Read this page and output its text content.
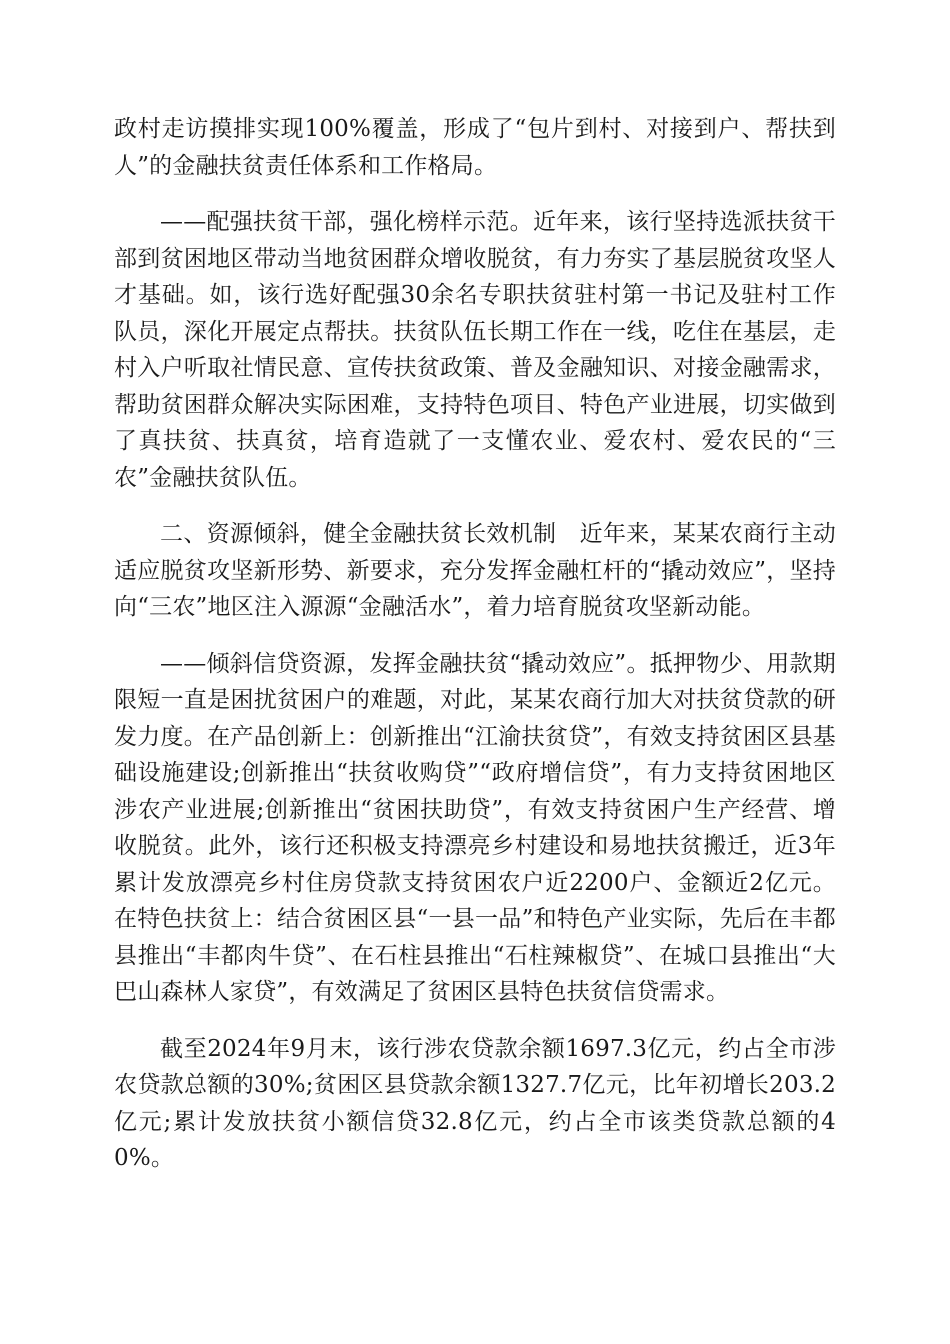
政村走访摸排实现100%覆盖，形成了“包片到村、对接到户、帮扶到人”的金融扶贫责任体系和工作格局。

——配强扶贫干部，强化榜样示范。近年来，该行坚持选派扶贫干部到贫困地区带动当地贫困群众增收脱贫，有力夯实了基层脱贫攻坚人才基础。如，该行选好配强30余名专职扶贫驻村第一书记及驻村工作队员，深化开展定点帮扶。扶贫队伍长期工作在一线，吃住在基层，走村入户听取社情民意、宣传扶贫政策、普及金融知识、对接金融需求，帮助贫困群众解决实际困难，支持特色项目、特色产业进展，切实做到了真扶贫、扶真贫，培育造就了一支懂农业、爱农村、爱农民的“三农”金融扶贫队伍。

二、资源倾斜，健全金融扶贫长效机制　近年来，某某农商行主动适应脱贫攻坚新形势、新要求，充分发挥金融杠杆的“撬动效应”，坚持向“三农”地区注入源源“金融活水”，着力培育脱贫攻坚新动能。

——倾斜信贷资源，发挥金融扶贫“撬动效应”。抵押物少、用款期限短一直是困扰贫困户的难题，对此，某某农商行加大对扶贫贷款的研发力度。在产品创新上：创新推出“江渝扶贫贷”，有效支持贫困区县基础设施建设;创新推出“扶贫收购贷”“政府增信贷”，有力支持贫困地区涉农产业进展;创新推出“贫困扶助贷”，有效支持贫困户生产经营、增收脱贫。此外，该行还积极支持漂亮乡村建设和易地扶贫搬迁，近3年累计发放漂亮乡村住房贷款支持贫困农户近2200户、金额近2亿元。在特色扶贫上：结合贫困区县“一县一品”和特色产业实际，先后在丰都县推出“丰都肉牛贷”、在石柱县推出“石柱辣椒贷”、在城口县推出“大巴山森林人家贷”，有效满足了贫困区县特色扶贫信贷需求。

截至2024年9月末，该行涉农贷款余额1697.3亿元，约占全市涉农贷款总额的30%;贫困区县贷款余额1327.7亿元，比年初增长203.2亿元;累计发放扶贫小额信贷32.8亿元，约占全市该类贷款总额的40%。
